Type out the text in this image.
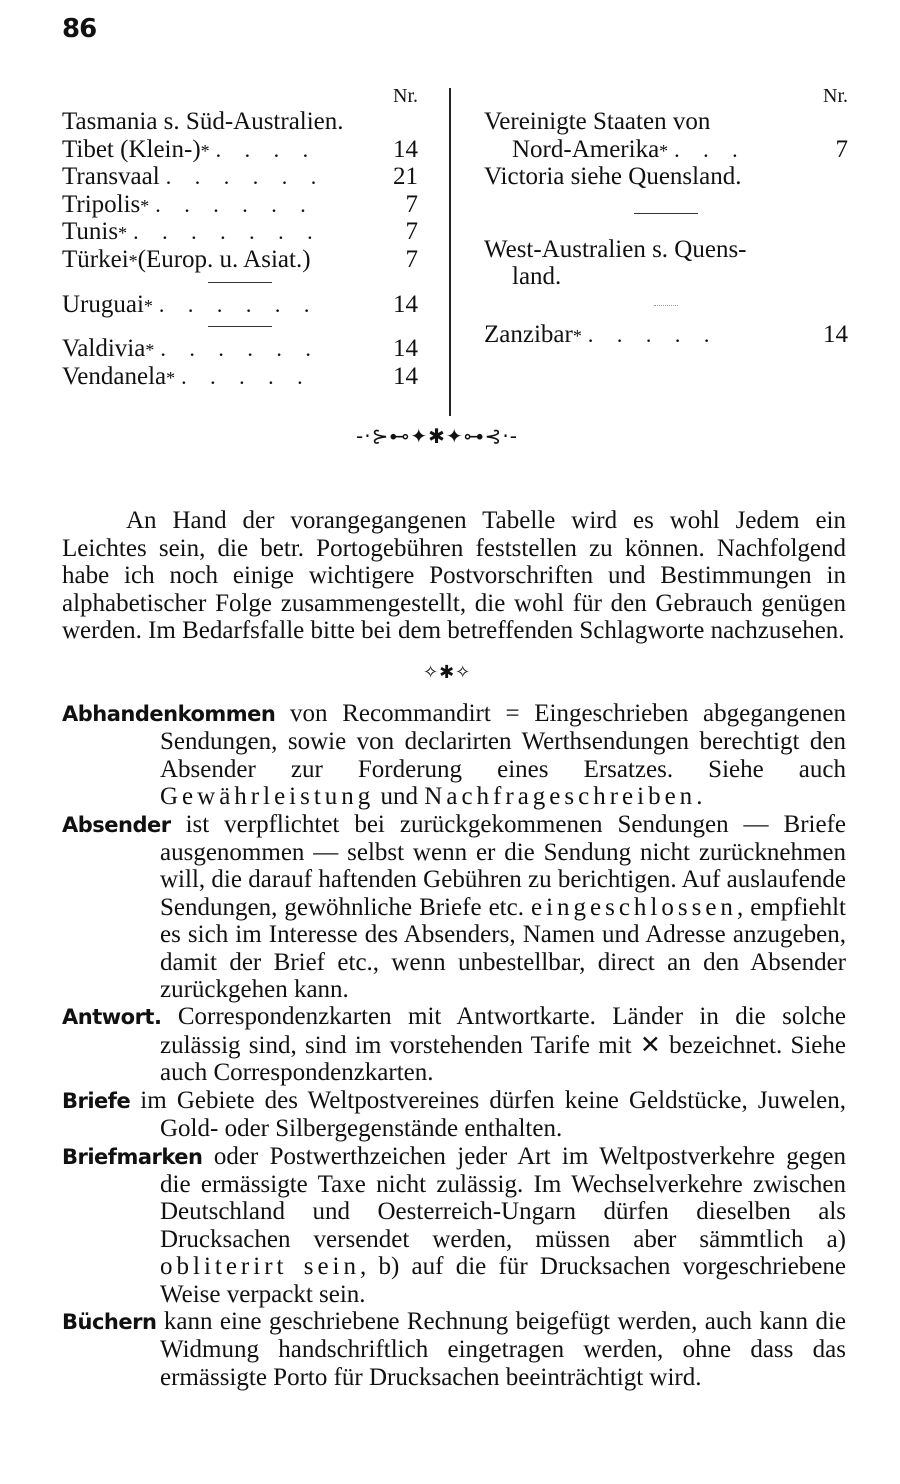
86
Nr.
Tasmania s. Süd-Australien.
Tibet (Klein-) * . . . .	14
Transvaal . . . . . .	21
Tripolis * . . . . . .	7
Tunis * . . . . . . .	7
Türkei * (Europ. u. Asiat.)	7
Uruguai * . . . . . .	14
Valdivia * . . . . . .	14
Vendanela * . . . . .	14
Nr.
Vereinigte Staaten von
Nord-Amerika * . . .	7
Victoria siehe Quensland.
West-Australien s. Quens-
land.
Zanzibar * . . . . .	14
-·⊱⊷✦✱✦⊶⊰·-

An Hand der vorangegangenen Tabelle wird es wohl Jedem ein Leichtes sein, die betr. Portogebühren feststellen zu können. Nachfolgend habe ich noch einige wichtigere Postvorschriften und Bestimmungen in alphabetischer Folge zusammengestellt, die wohl für den Gebrauch genügen werden. Im Bedarfsfalle bitte bei dem betreffenden Schlagworte nachzusehen.

✧✱✧

Abhandenkommen von Recommandirt = Eingeschrieben abgegangenen Sendungen, sowie von declarirten Werthsendungen berechtigt den Absender zur Forderung eines Ersatzes. Siehe auch Gewährleistung und Nachfrageschreiben.

Absender ist verpflichtet bei zurückgekommenen Sendungen — Briefe ausgenommen — selbst wenn er die Sendung nicht zurücknehmen will, die darauf haftenden Gebühren zu berichtigen. Auf auslaufende Sendungen, gewöhnliche Briefe etc. eingeschlossen, empfiehlt es sich im Interesse des Absenders, Namen und Adresse anzugeben, damit der Brief etc., wenn unbestellbar, direct an den Absender zurückgehen kann.

Antwort. Correspondenzkarten mit Antwortkarte. Länder in die solche zulässig sind, sind im vorstehenden Tarife mit ✕ bezeichnet. Siehe auch Correspondenzkarten.

Briefe im Gebiete des Weltpostvereines dürfen keine Geldstücke, Juwelen, Gold- oder Silbergegenstände enthalten.

Briefmarken oder Postwerthzeichen jeder Art im Weltpostverkehre gegen die ermässigte Taxe nicht zulässig. Im Wechselverkehre zwischen Deutschland und Oesterreich-Ungarn dürfen dieselben als Drucksachen versendet werden, müssen aber sämmtlich a) obliterirt sein, b) auf die für Drucksachen vorgeschriebene Weise verpackt sein.

Büchern kann eine geschriebene Rechnung beigefügt werden, auch kann die Widmung handschriftlich eingetragen werden, ohne dass das ermässigte Porto für Drucksachen beeinträchtigt wird.
